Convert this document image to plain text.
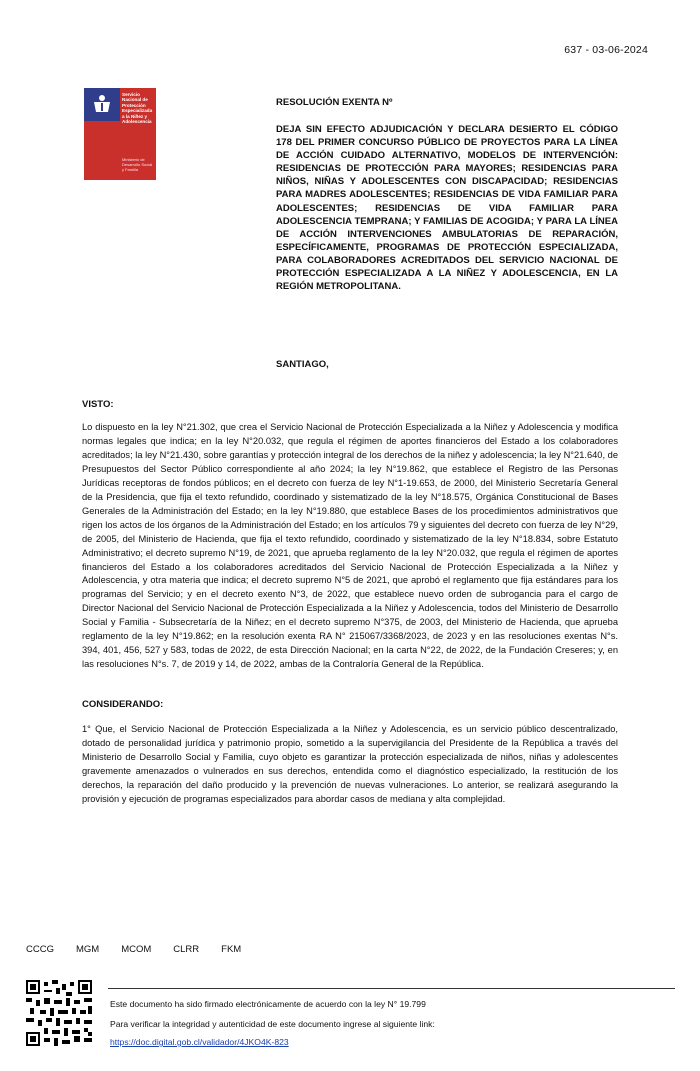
637 - 03-06-2024
Servicio Nacional de Protección Especializada a la Niñez y Adolescencia
Ministerio de Desarrollo Social y Familia
RESOLUCIÓN EXENTA Nº
DEJA SIN EFECTO ADJUDICACIÓN Y DECLARA DESIERTO EL CÓDIGO 178 DEL PRIMER CONCURSO PÚBLICO DE PROYECTOS PARA LA LÍNEA DE ACCIÓN CUIDADO ALTERNATIVO, MODELOS DE INTERVENCIÓN: RESIDENCIAS DE PROTECCIÓN PARA MAYORES; RESIDENCIAS PARA NIÑOS, NIÑAS Y ADOLESCENTES CON DISCAPACIDAD; RESIDENCIAS PARA MADRES ADOLESCENTES; RESIDENCIAS DE VIDA FAMILIAR PARA ADOLESCENTES; RESIDENCIAS DE VIDA FAMILIAR PARA ADOLESCENCIA TEMPRANA; Y FAMILIAS DE ACOGIDA; Y PARA LA LÍNEA DE ACCIÓN INTERVENCIONES AMBULATORIAS DE REPARACIÓN, ESPECÍFICAMENTE, PROGRAMAS DE PROTECCIÓN ESPECIALIZADA, PARA COLABORADORES ACREDITADOS DEL SERVICIO NACIONAL DE PROTECCIÓN ESPECIALIZADA A LA NIÑEZ Y ADOLESCENCIA, EN LA REGIÓN METROPOLITANA.
SANTIAGO,
VISTO:
Lo dispuesto en la ley N°21.302, que crea el Servicio Nacional de Protección Especializada a la Niñez y Adolescencia y modifica normas legales que indica; en la ley N°20.032, que regula el régimen de aportes financieros del Estado a los colaboradores acreditados; la ley N°21.430, sobre garantías y protección integral de los derechos de la niñez y adolescencia; la ley N°21.640, de Presupuestos del Sector Público correspondiente al año 2024; la ley N°19.862, que establece el Registro de las Personas Jurídicas receptoras de fondos públicos; en el decreto con fuerza de ley N°1-19.653, de 2000, del Ministerio Secretaría General de la Presidencia, que fija el texto refundido, coordinado y sistematizado de la ley N°18.575, Orgánica Constitucional de Bases Generales de la Administración del Estado; en la ley N°19.880, que establece Bases de los procedimientos administrativos que rigen los actos de los órganos de la Administración del Estado; en los artículos 79 y siguientes del decreto con fuerza de ley N°29, de 2005, del Ministerio de Hacienda, que fija el texto refundido, coordinado y sistematizado de la ley N°18.834, sobre Estatuto Administrativo; el decreto supremo N°19, de 2021, que aprueba reglamento de la ley N°20.032, que regula el régimen de aportes financieros del Estado a los colaboradores acreditados del Servicio Nacional de Protección Especializada a la Niñez y Adolescencia, y otra materia que indica; el decreto supremo N°5 de 2021, que aprobó el reglamento que fija estándares para los programas del Servicio; y en el decreto exento N°3, de 2022, que establece nuevo orden de subrogancia para el cargo de Director Nacional del Servicio Nacional de Protección Especializada a la Niñez y Adolescencia, todos del Ministerio de Desarrollo Social y Familia - Subsecretaría de la Niñez; en el decreto supremo N°375, de 2003, del Ministerio de Hacienda, que aprueba reglamento de la ley N°19.862; en la resolución exenta RA N° 215067/3368/2023, de 2023 y en las resoluciones exentas N°s. 394, 401, 456, 527 y 583, todas de 2022, de esta Dirección Nacional; en la carta N°22, de 2022, de la Fundación Creseres; y, en las resoluciones N°s. 7, de 2019 y 14, de 2022, ambas de la Contraloría General de la República.
CONSIDERANDO:
1° Que, el Servicio Nacional de Protección Especializada a la Niñez y Adolescencia, es un servicio público descentralizado, dotado de personalidad jurídica y patrimonio propio, sometido a la supervigilancia del Presidente de la República a través del Ministerio de Desarrollo Social y Familia, cuyo objeto es garantizar la protección especializada de niños, niñas y adolescentes gravemente amenazados o vulnerados en sus derechos, entendida como el diagnóstico especializado, la restitución de los derechos, la reparación del daño producido y la prevención de nuevas vulneraciones. Lo anterior, se realizará asegurando la provisión y ejecución de programas especializados para abordar casos de mediana y alta complejidad.
CCCG MGM MCOM CLRR FKM
Este documento ha sido firmado electrónicamente de acuerdo con la ley N° 19.799
Para verificar la integridad y autenticidad de este documento ingrese al siguiente link:
https://doc.digital.gob.cl/validador/4JKO4K-823
